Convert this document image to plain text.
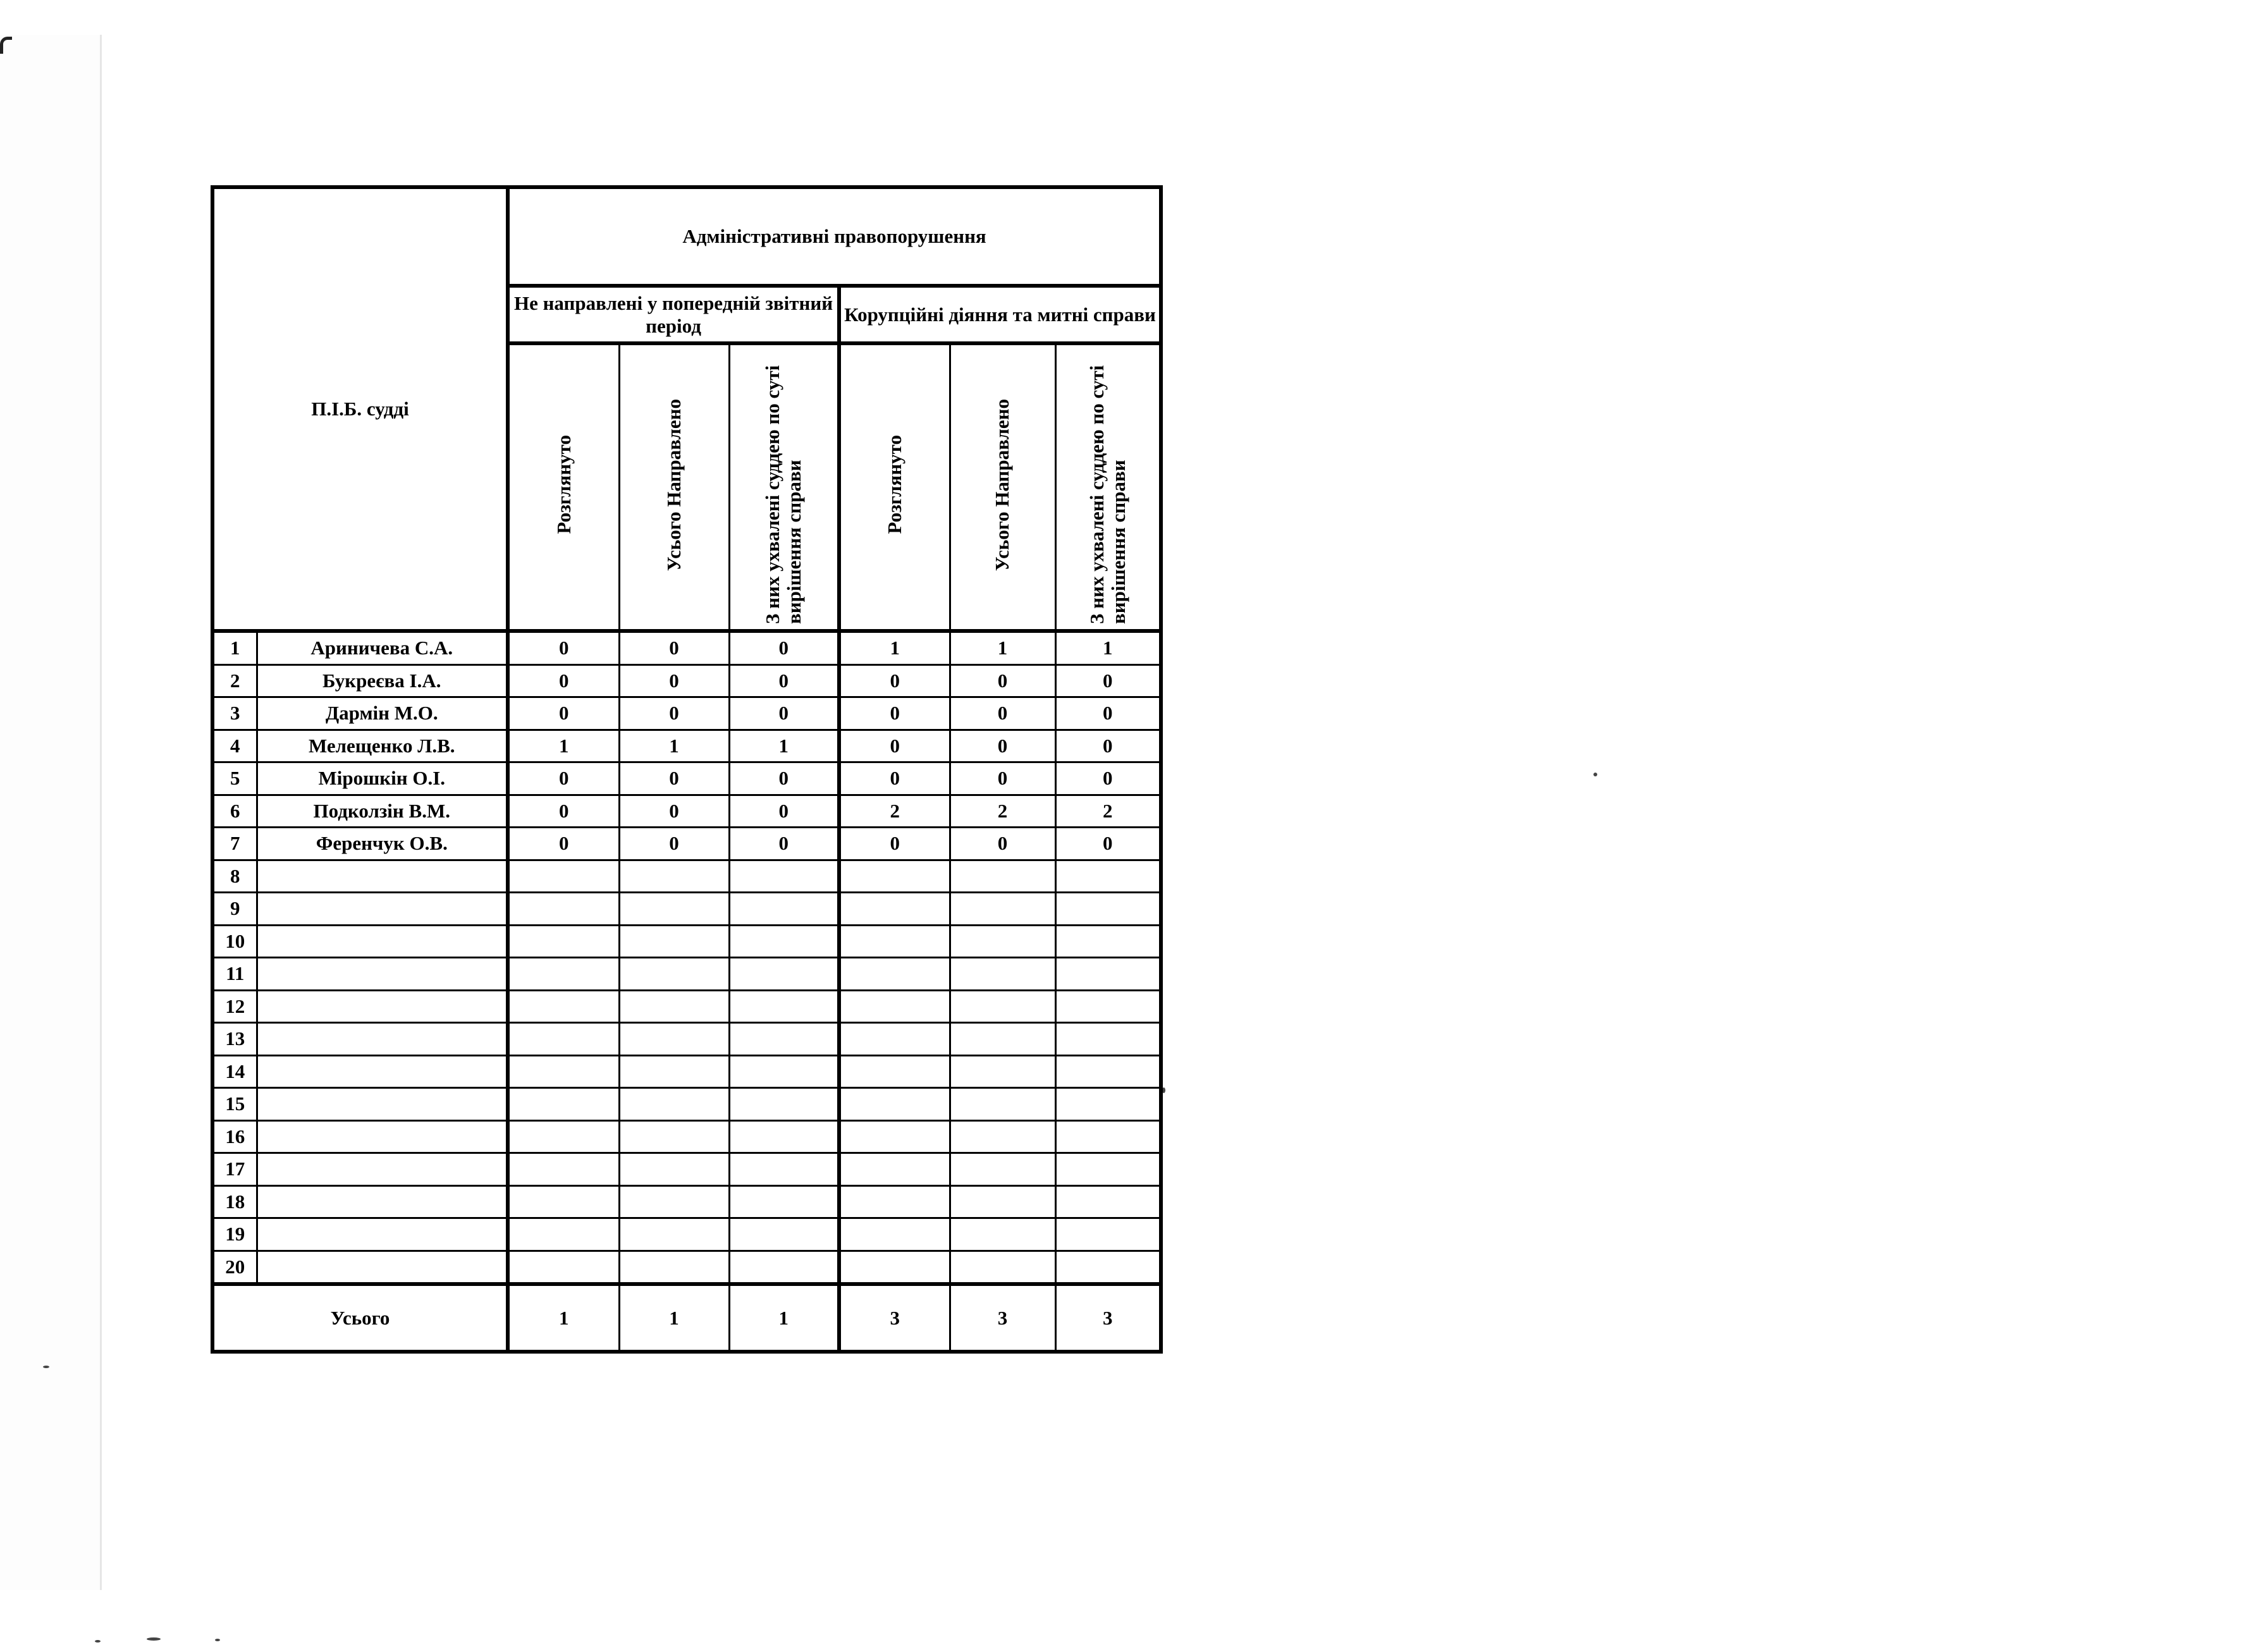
П.І.Б. судді		Адміністративні правопорушення					
		Не направлені у попередній звітний період			Корупційні діяння та митні справи		
		Розглянуто	Усього Направлено	З них ухвалені суддею по суті вирішення справи	Розглянуто	Усього Направлено	З них ухвалені суддею по суті вирішення справи
1	Ариничева С.А.	0	0	0	1	1	1
2	Букреєва І.А.	0	0	0	0	0	0
3	Дармін М.О.	0	0	0	0	0	0
4	Мелещенко Л.В.	1	1	1	0	0	0
5	Мірошкін О.І.	0	0	0	0	0	0
6	Подколзін В.М.	0	0	0	2	2	2
7	Ференчук О.В.	0	0	0	0	0	0
8							
9							
10							
11							
12							
13							
14							
15							
16							
17							
18							
19							
20							
Усього		1	1	1	3	3	3
